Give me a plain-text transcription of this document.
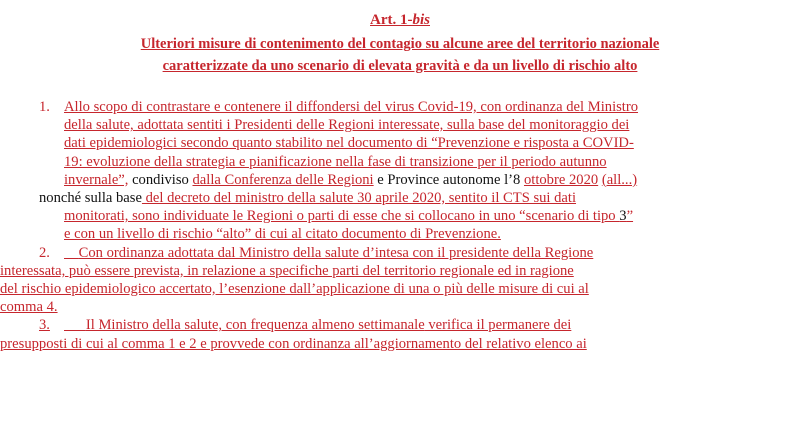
Art. 1-bis
Ulteriori misure di contenimento del contagio su alcune aree del territorio nazionale
caratterizzate da uno scenario di elevata gravità e da un livello di rischio alto
1. Allo scopo di contrastare e contenere il diffondersi del virus Covid-19, con ordinanza del Ministro
della salute, adottata sentiti i Presidenti delle Regioni interessate, sulla base del monitoraggio dei
dati epidemiologici secondo quanto stabilito nel documento di “Prevenzione e risposta a COVID-
19: evoluzione della strategia e pianificazione nella fase di transizione per il periodo autunno
invernale”, condiviso dalla Conferenza delle Regioni e Province autonome l’8 ottobre 2020 (all...)
nonché sulla base del decreto del ministro della salute 30 aprile 2020, sentito il CTS sui dati
monitorati, sono individuate le Regioni o parti di esse che si collocano in uno “scenario di tipo 3”
e con un livello di rischio “alto” di cui al citato documento di Prevenzione.
2. Con ordinanza adottata dal Ministro della salute d’intesa con il presidente della Regione
interessata, può essere prevista, in relazione a specifiche parti del territorio regionale ed in ragione
del rischio epidemiologico accertato, l’esenzione dall’applicazione di una o più delle misure di cui al
comma 4.
3. Il Ministro della salute, con frequenza almeno settimanale verifica il permanere dei
presupposti di cui al comma 1 e 2 e provvede con ordinanza all’aggiornamento del relativo elenco ai
